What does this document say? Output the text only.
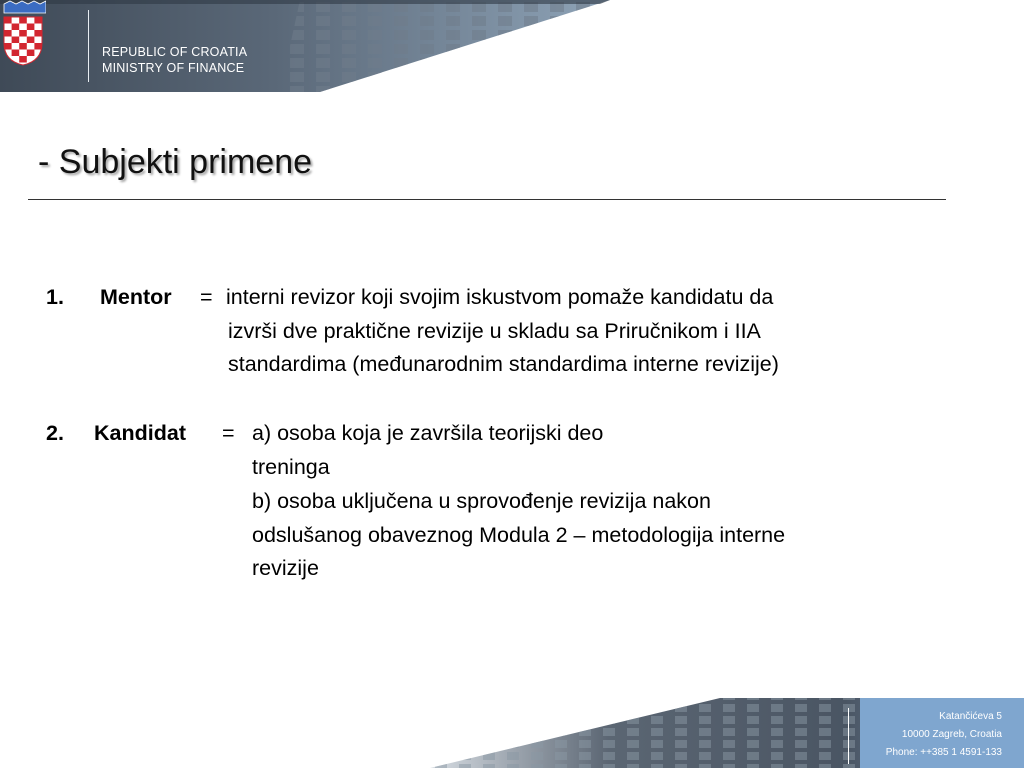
REPUBLIC OF CROATIA
MINISTRY OF FINANCE
- Subjekti primene
1. Mentor = interni revizor koji svojim iskustvom pomaže kandidatu da
izvrši dve praktične revizije u skladu sa Priručnikom i IIA
standardima (međunarodnim standardima interne revizije)
2. Kandidat = a) osoba koja je završila teorijski deo
treninga
b) osoba uključena u sprovođenje revizija nakon
odslušanog obaveznog Modula 2 – metodologija interne
revizije
Katančićeva 5
10000 Zagreb, Croatia
Phone: ++385 1 4591-133
